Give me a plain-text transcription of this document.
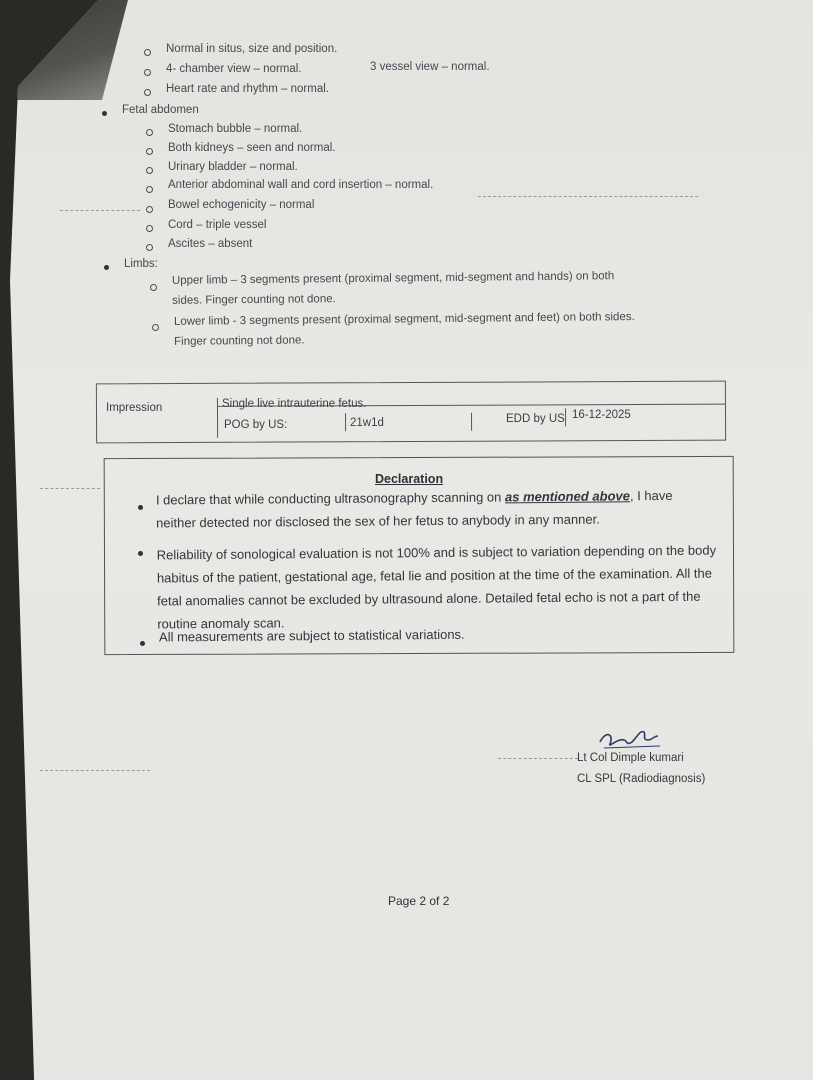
Normal in situs, size and position.
4- chamber view – normal.	3 vessel view – normal.
Heart rate and rhythm – normal.
Fetal abdomen
Stomach bubble – normal.
Both kidneys – seen and normal.
Urinary bladder – normal.
Anterior abdominal wall and cord insertion – normal.
Bowel echogenicity – normal
Cord – triple vessel
Ascites – absent
Limbs:
Upper limb – 3 segments present (proximal segment, mid-segment and hands) on both
sides. Finger counting not done.
Lower limb - 3 segments present (proximal segment, mid-segment and feet) on both sides.
Finger counting not done.
Impression	Single live intrauterine fetus.
POG by US:	21w1d	EDD by US 16-12-2025
Declaration
I declare that while conducting ultrasonography scanning on as mentioned above, I have neither detected nor disclosed the sex of her fetus to anybody in any manner.
Reliability of sonological evaluation is not 100% and is subject to variation depending on the body habitus of the patient, gestational age, fetal lie and position at the time of the examination. All the fetal anomalies cannot be excluded by ultrasound alone. Detailed fetal echo is not a part of the routine anomaly scan.
All measurements are subject to statistical variations.
Lt Col Dimple kumari
CL SPL (Radiodiagnosis)
Page 2 of 2
